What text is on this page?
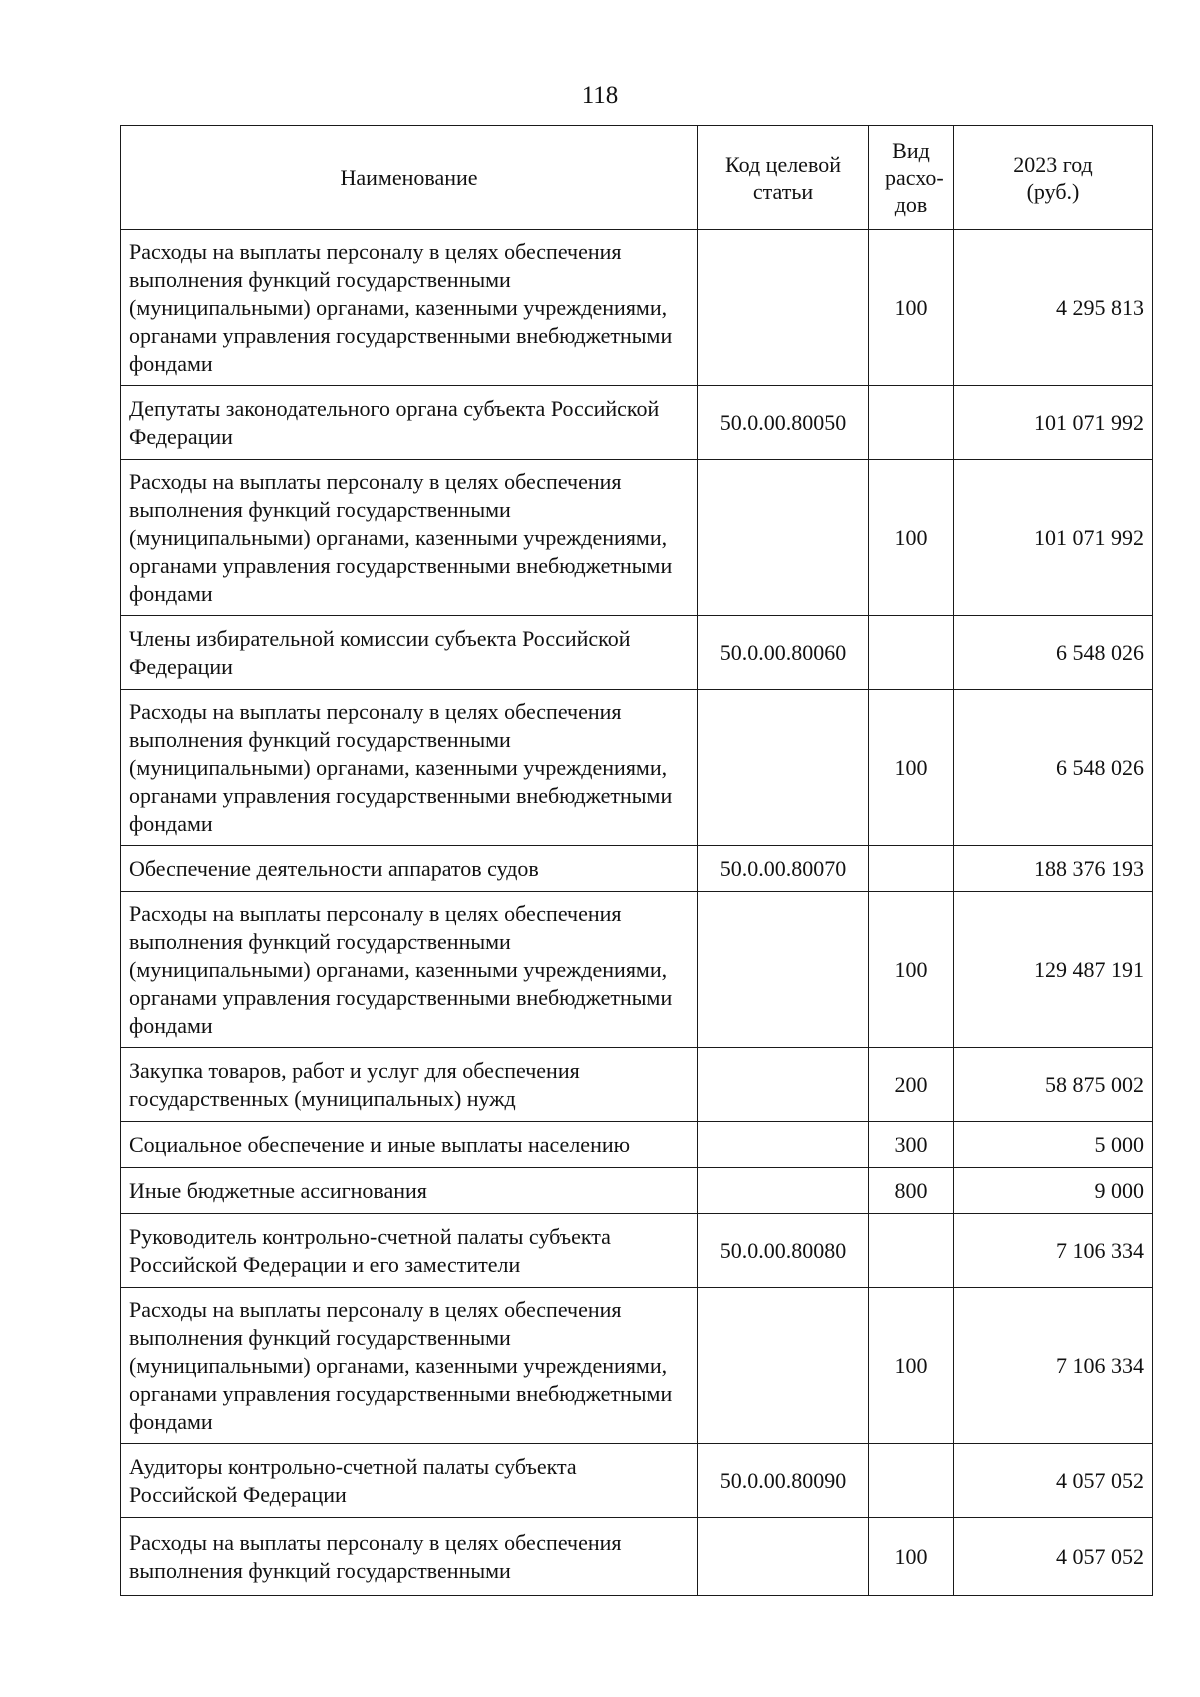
118
Наименование	Код целевой статьи	Вид расхо-дов	2023 год (руб.)

Расходы на выплаты персоналу в целях обеспечения выполнения функций государственными (муниципальными) органами, казенными учреждениями, органами управления государственными внебюджетными фондами		100	4 295 813
Депутаты законодательного органа субъекта Российской Федерации	50.0.00.80050		101 071 992
Расходы на выплаты персоналу в целях обеспечения выполнения функций государственными (муниципальными) органами, казенными учреждениями, органами управления государственными внебюджетными фондами		100	101 071 992
Члены избирательной комиссии субъекта Российской Федерации	50.0.00.80060		6 548 026
Расходы на выплаты персоналу в целях обеспечения выполнения функций государственными (муниципальными) органами, казенными учреждениями, органами управления государственными внебюджетными фондами		100	6 548 026
Обеспечение деятельности аппаратов судов	50.0.00.80070		188 376 193
Расходы на выплаты персоналу в целях обеспечения выполнения функций государственными (муниципальными) органами, казенными учреждениями, органами управления государственными внебюджетными фондами		100	129 487 191
Закупка товаров, работ и услуг для обеспечения государственных (муниципальных) нужд		200	58 875 002
Социальное обеспечение и иные выплаты населению		300	5 000
Иные бюджетные ассигнования		800	9 000
Руководитель контрольно-счетной палаты субъекта Российской Федерации и его заместители	50.0.00.80080		7 106 334
Расходы на выплаты персоналу в целях обеспечения выполнения функций государственными (муниципальными) органами, казенными учреждениями, органами управления государственными внебюджетными фондами		100	7 106 334
Аудиторы контрольно-счетной палаты субъекта Российской Федерации	50.0.00.80090		4 057 052
Расходы на выплаты персоналу в целях обеспечения выполнения функций государственными		100	4 057 052
